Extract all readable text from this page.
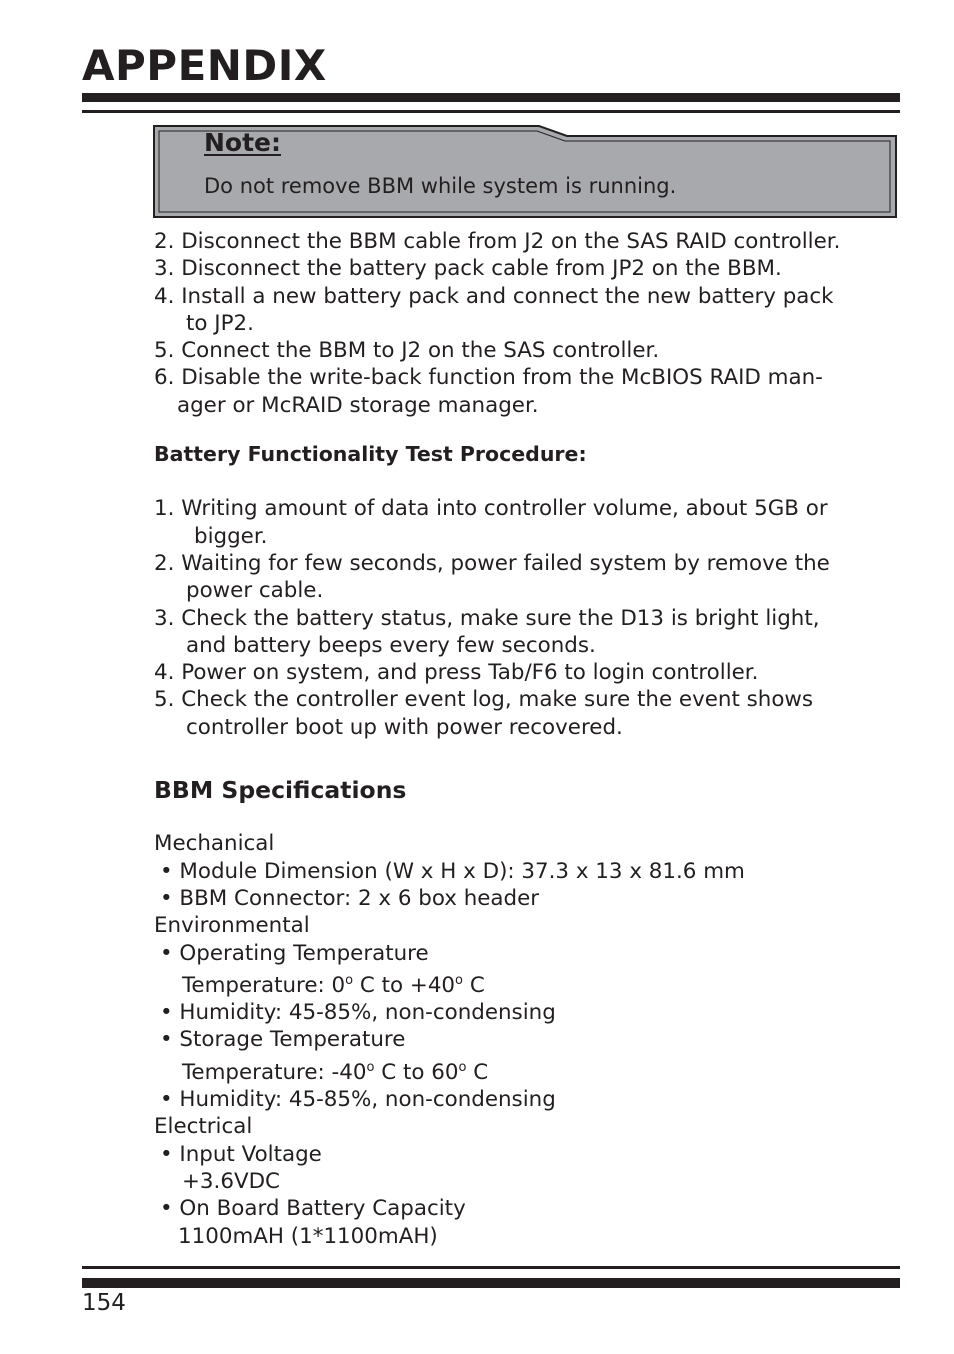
APPENDIX
Note:
Do not remove BBM while system is running.
2. Disconnect the BBM cable from J2 on the SAS RAID controller.
3. Disconnect the battery pack cable from JP2 on the BBM.
4. Install a new battery pack and connect the new battery pack
to JP2.
5. Connect the BBM to J2 on the SAS controller.
6. Disable the write-back function from the McBIOS RAID man-
ager or McRAID storage manager.
Battery Functionality Test Procedure:
1. Writing amount of data into controller volume, about 5GB or
bigger.
2. Waiting for few seconds, power failed system by remove the
power cable.
3. Check the battery status, make sure the D13 is bright light,
and battery beeps every few seconds.
4. Power on system, and press Tab/F6 to login controller.
5. Check the controller event log, make sure the event shows
controller boot up with power recovered.
BBM Specifications
Mechanical
• Module Dimension (W x H x D): 37.3 x 13 x 81.6 mm
• BBM Connector: 2 x 6 box header
Environmental
• Operating Temperature
Temperature: 0$^o$ C to $+40^o$ C
• Humidity: 45-85%, non-condensing
• Storage Temperature
Temperature: -40$^o$ C to 60$^o$ C
• Humidity: 45-85%, non-condensing
Electrical
• Input Voltage
+3.6VDC
• On Board Battery Capacity
1100mAH (1*1100mAH)
154
